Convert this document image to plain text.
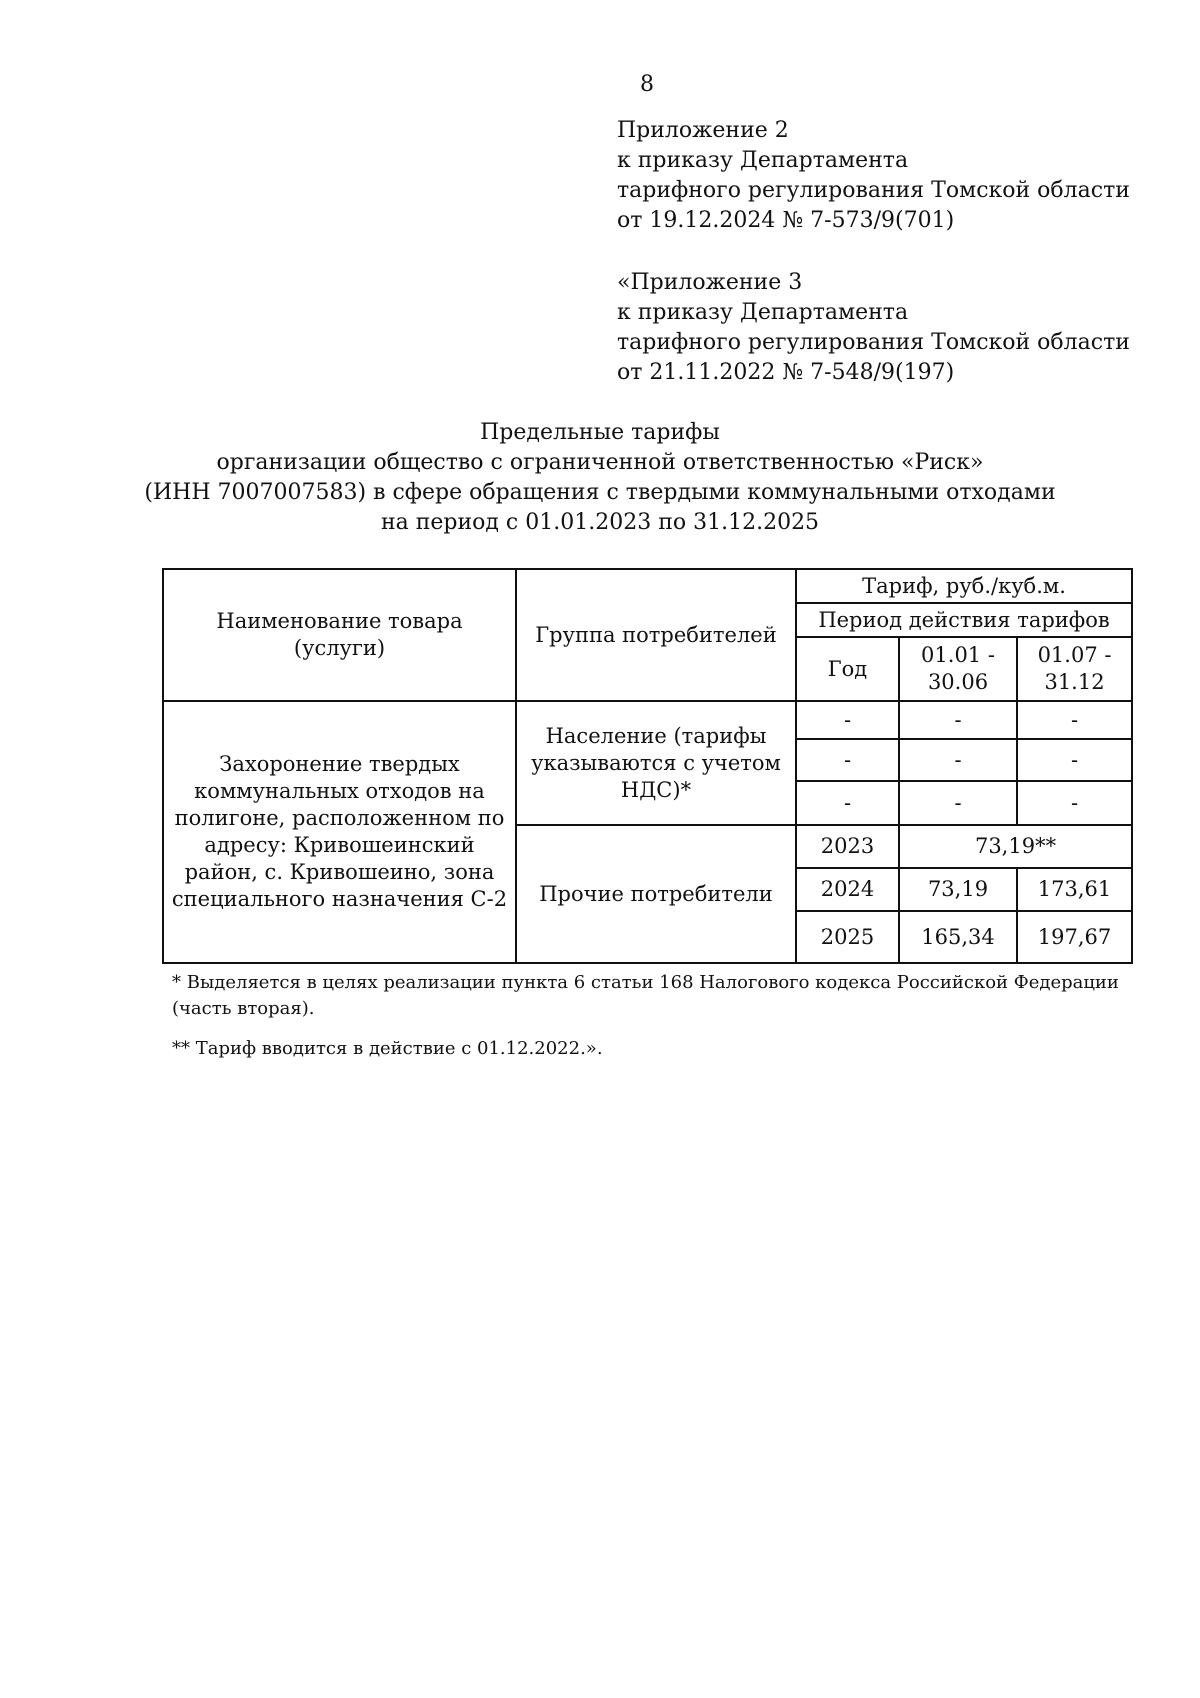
8
Приложение 2
к приказу Департамента
тарифного регулирования Томской области
от 19.12.2024 № 7-573/9(701)
«Приложение 3
к приказу Департамента
тарифного регулирования Томской области
от 21.11.2022 № 7-548/9(197)
Предельные тарифы
организации общество с ограниченной ответственностью «Риск»
(ИНН 7007007583) в сфере обращения с твердыми коммунальными отходами
на период с 01.01.2023 по 31.12.2025
Наименование товара (услуги)	Группа потребителей	Тариф, руб./куб.м.		
		Период действия тарифов		
		Год	01.01 - 30.06	01.07 - 31.12
Захоронение твердых коммунальных отходов на полигоне, расположенном по адресу: Кривошеинский район, с. Кривошеино, зона специального назначения С-2	Население (тарифы указываются с учетом НДС)*	-	-	-
		-	-	-
		-	-	-
	Прочие потребители	2023	73,19**	
		2024	73,19	173,61
		2025	165,34	197,67
* Выделяется в целях реализации пункта 6 статьи 168 Налогового кодекса Российской Федерации (часть вторая).
** Тариф вводится в действие с 01.12.2022.».
